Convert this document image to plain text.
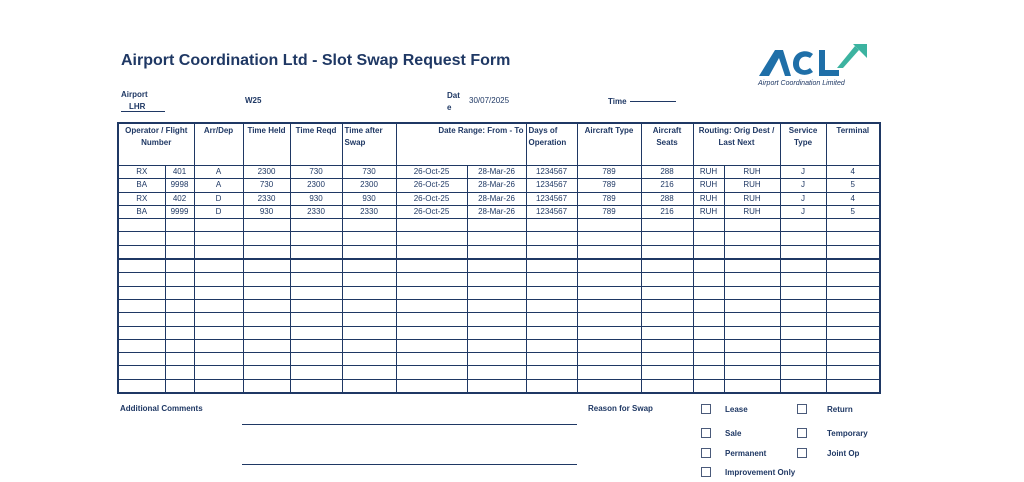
Airport Coordination Ltd - Slot Swap Request Form
Airport Coordination Limited
Airport
LHR
W25
Dat
e
30/07/2025	Time
Operator / Flight Number		Arr/Dep	Time Held	Time Reqd	Time after Swap	Date Range: From - To		Days of Operation	Aircraft Type	Aircraft Seats	Routing: Orig Dest / Last Next		Service Type	Terminal
RX	401	A	2300	730	730	26-Oct-25	28-Mar-26	1234567	789	288	RUH	RUH	J	4
BA	9998	A	730	2300	2300	26-Oct-25	28-Mar-26	1234567	789	216	RUH	RUH	J	5
RX	402	D	2330	930	930	26-Oct-25	28-Mar-26	1234567	789	288	RUH	RUH	J	4
BA	9999	D	930	2330	2330	26-Oct-25	28-Mar-26	1234567	789	216	RUH	RUH	J	5

Additional Comments	Reason for Swap	Lease	Return
Sale	Temporary
Permanent	Joint Op
Improvement Only
